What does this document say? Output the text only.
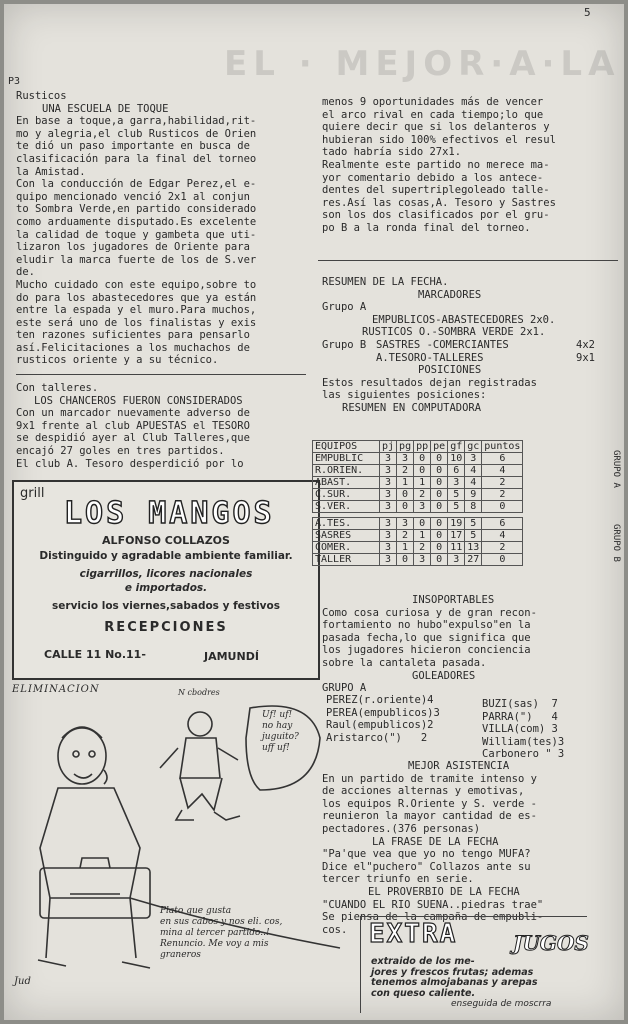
EL · MEJOR·A·LA
5
P3
Rusticos
UNA ESCUELA DE TOQUE
En base a toque,a garra,habilidad,rit-
mo y alegria,el club Rusticos de Orien
te dió un paso importante en busca de
clasificación para la final del torneo
la Amistad.
Con la conducción de Edgar Perez,el e-
quipo mencionado venció 2x1 al conjun
to Sombra Verde,en partido considerado
como arduamente disputado.Es excelente
la calidad de toque y gambeta que uti-
lizaron los jugadores de Oriente para
eludir la marca fuerte de los de S.ver
de.
Mucho cuidado con este equipo,sobre to
do para los abastecedores que ya están
entre la espada y el muro.Para muchos,
este será uno de los finalistas y exis
ten razones suficientes para pensarlo
así.Felicitaciones a los muchachos de
rusticos oriente y a su técnico.
Con talleres.
LOS CHANCEROS FUERON CONSIDERADOS
Con un marcador nuevamente adverso de
9x1 frente al club APUESTAS el TESORO
se despidió ayer al Club Talleres,que
encajó 27 goles en tres partidos.
El club A. Tesoro desperdició por lo
grill
LOS MANGOS
ALFONSO COLLAZOS
Distinguido y agradable ambiente familiar.
cigarrillos, licores nacionales
e importados.
servicio los viernes,sabados y festivos
RECEPCIONES
CALLE 11 No.11-	JAMUNDÍ
ELIMINACION	N cbodres
Uf! uf!
no hay
juguito?
uff uf!
Plato que gusta
en sus cabos y nos eli. cos,
mina al tercer partido..!
Renuncio. Me voy a mis
graneros
Jud
menos 9 oportunidades más de vencer
el arco rival en cada tiempo;lo que
quiere decir que si los delanteros y
hubieran sido 100% efectivos el resul
tado habría sido 27x1.
Realmente este partido no merece ma-
yor comentario debido a los antece-
dentes del supertriplegoleado talle-
res.Así las cosas,A. Tesoro y Sastres
son los dos clasificados por el gru-
po B a la ronda final del torneo.
RESUMEN DE LA FECHA.
MARCADORES
Grupo A
EMPUBLICOS-ABASTECEDORES 2x0.
RUSTICOS O.-SOMBRA VERDE 2x1.
Grupo B SASTRES -COMERCIANTES	4x2
A.TESORO-TALLERES	9x1
POSICIONES
Estos resultados dejan registradas
las siguientes posiciones:
RESUMEN EN COMPUTADORA
EQUIPOS	pj	pg	pp	pe	gf	gc	puntos
EMPUBLIC	3	3	0	0	10	3	6
R.ORIEN.	3	2	0	0	6	4	4
ABAST.	3	1	1	0	3	4	2
C.SUR.	3	0	2	0	5	9	2
S.VER.	3	0	3	0	5	8	0

A.TES.	3	3	0	0	19	5	6
SASRES	3	2	1	0	17	5	4
COMER.	3	1	2	0	11	13	2
TALLER	3	0	3	0	3	27	0
GRUPO A
GRUPO B
INSOPORTABLES
Como cosa curiosa y de gran recon-
fortamiento no hubo"expulso"en la
pasada fecha,lo que significa que
los jugadores hicieron conciencia
sobre la cantaleta pasada.
GOLEADORES
GRUPO A
PEREZ(r.oriente)4
PEREA(empublicos)3
Raul(empublicos)2
Aristarco(")   2
BUZI(sas)  7
PARRA(")   4
VILLA(com) 3
William(tes)3
Carbonero " 3
MEJOR ASISTENCIA
En un partido de tramite intenso y
de acciones alternas y emotivas,
los equipos R.Oriente y S. verde -
reunieron la mayor cantidad de es-
pectadores.(376 personas)
LA FRASE DE LA FECHA
"Pa'que vea que yo no tengo MUFA?
Dice el"puchero" Collazos ante su
tercer triunfo en serie.
EL PROVERBIO DE LA FECHA
"CUANDO EL RIO SUENA..piedras trae"
Se piensa de la campaña de empubli-
cos. EXTRA	JUGOS
extraido de los me-
jores y frescos frutas; ademas
tenemos almojabanas y arepas
con queso caliente.
enseguida de moscrra
